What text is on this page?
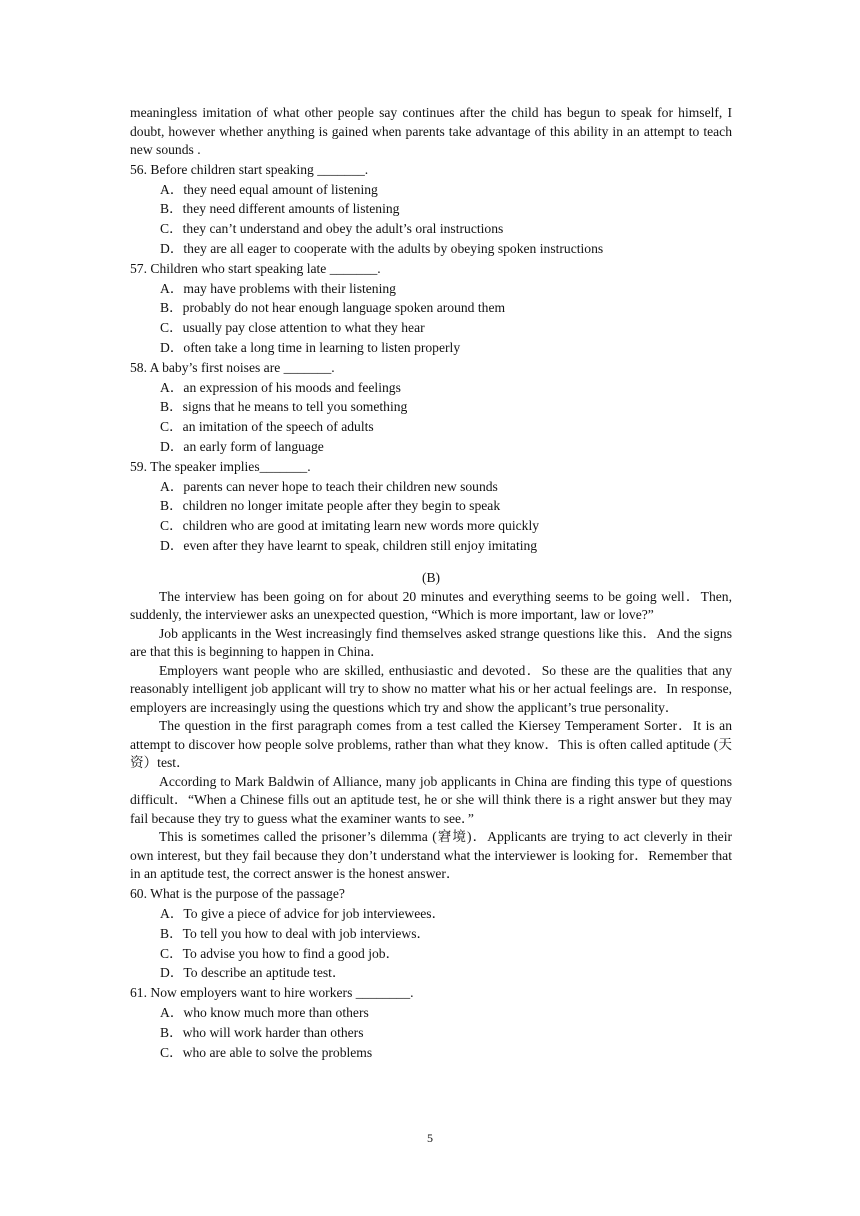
meaningless imitation of what other people say continues after the child has begun to speak for himself, I doubt, however whether anything is gained when parents take advantage of this ability in an attempt to teach new sounds .

56. Before children start speaking _______.

A．they need equal amount of listening

B．they need different amounts of listening

C．they can’t understand and obey the adult’s oral instructions

D．they are all eager to cooperate with the adults by obeying spoken instructions

57. Children who start speaking late _______.

A．may have problems with their listening

B．probably do not hear enough language spoken around them

C．usually pay close attention to what they hear

D．often take a long time in learning to listen properly

58. A baby’s first noises are _______.

A．an expression of his moods and feelings

B．signs that he means to tell you something

C．an imitation of the speech of adults

D．an early form of language

59. The speaker implies_______.

A．parents can never hope to teach their children new sounds

B．children no longer imitate people after they begin to speak

C．children who are good at imitating learn new words more quickly

D．even after they have learnt to speak, children still enjoy imitating

(B)

The interview has been going on for about 20 minutes and everything seems to be going well．Then, suddenly, the interviewer asks an unexpected question, “Which is more important, law or love?”

Job applicants in the West increasingly find themselves asked strange questions like this．And the signs are that this is beginning to happen in China．

Employers want people who are skilled, enthusiastic and devoted．So these are the qualities that any reasonably intelligent job applicant will try to show no matter what his or her actual feelings are．In response, employers are increasingly using the questions which try and show the applicant’s true personality．

The question in the first paragraph comes from a test called the Kiersey Temperament Sorter．It is an attempt to discover how people solve problems, rather than what they know．This is often called aptitude (天资）test．

According to Mark Baldwin of Alliance, many job applicants in China are finding this type of questions difficult．“When a Chinese fills out an aptitude test, he or she will think there is a right answer but they may fail because they try to guess what the examiner wants to see．”

This is sometimes called the prisoner’s dilemma (窘境)．Applicants are trying to act cleverly in their own interest, but they fail because they don’t understand what the interviewer is looking for．Remember that in an aptitude test, the correct answer is the honest answer．

60. What is the purpose of the passage?

A．To give a piece of advice for job interviewees．

B．To tell you how to deal with job interviews．

C．To advise you how to find a good job．

D．To describe an aptitude test．

61. Now employers want to hire workers ________.

A．who know much more than others

B．who will work harder than others

C．who are able to solve the problems

5
